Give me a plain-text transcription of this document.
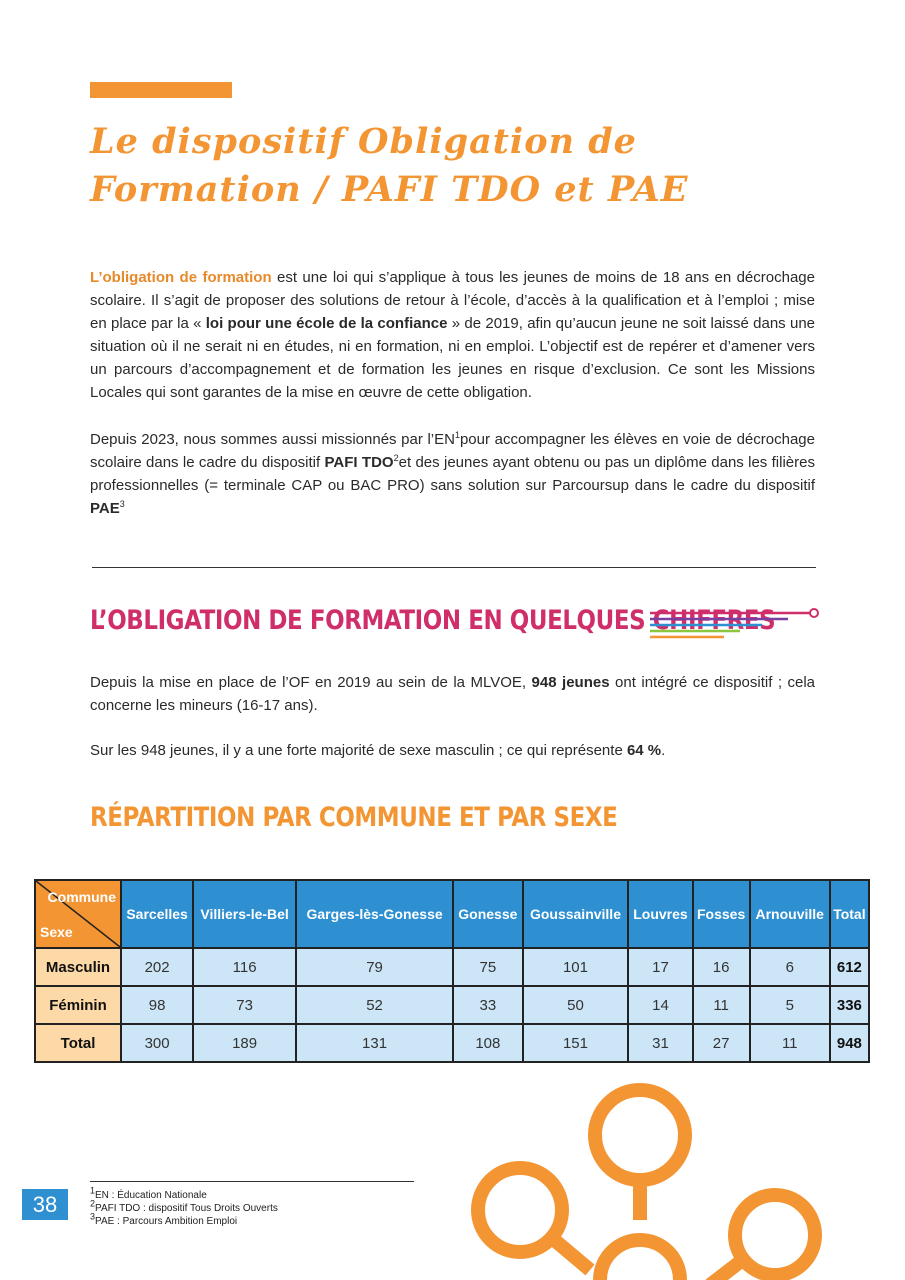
Le dispositif Obligation de Formation / PAFI TDO et PAE
L’obligation de formation est une loi qui s’applique à tous les jeunes de moins de 18 ans en décrochage scolaire. Il s’agit de proposer des solutions de retour à l’école, d’accès à la qualification et à l’emploi ; mise en place par la « loi pour une école de la confiance » de 2019, afin qu’aucun jeune ne soit laissé dans une situation où il ne serait ni en études, ni en formation, ni en emploi. L’objectif est de repérer et d’amener vers un parcours d’accompagnement et de formation les jeunes en risque d’exclusion. Ce sont les Missions Locales qui sont garantes de la mise en œuvre de cette obligation.
Depuis 2023, nous sommes aussi missionnés par $l’EN^1pour$ accompagner les élèves en voie de décrochage scolaire dans le cadre du dispositif PAFI TDO$^2$et des jeunes ayant obtenu ou pas un diplôme dans les filières professionnelles (= terminale CAP ou BAC PRO) sans solution sur Parcoursup dans le cadre du dispositif PAE$^3$
L’OBLIGATION DE FORMATION EN QUELQUES CHIFFRES
Depuis la mise en place de l’OF en 2019 au sein de la MLVOE, 948 jeunes ont intégré ce dispositif ; cela concerne les mineurs (16-17 ans).
Sur les 948 jeunes, il y a une forte majorité de sexe masculin ; ce qui représente 64 %.
RÉPARTITION PAR COMMUNE ET PAR SEXE
Commune
Sexe	Sarcelles	Villiers-le-Bel	Garges-lès-Gonesse	Gonesse	Goussainville	Louvres	Fosses	Arnouville	Total
Masculin	202	116	79	75	101	17	16	6	612
Féminin	98	73	52	33	50	14	11	5	336
Total	300	189	131	108	151	31	27	11	948
38
$^1$EN : Éducation Nationale
$^2$PAFI TDO : dispositif Tous Droits Ouverts
$^3$PAE : Parcours Ambition Emploi
